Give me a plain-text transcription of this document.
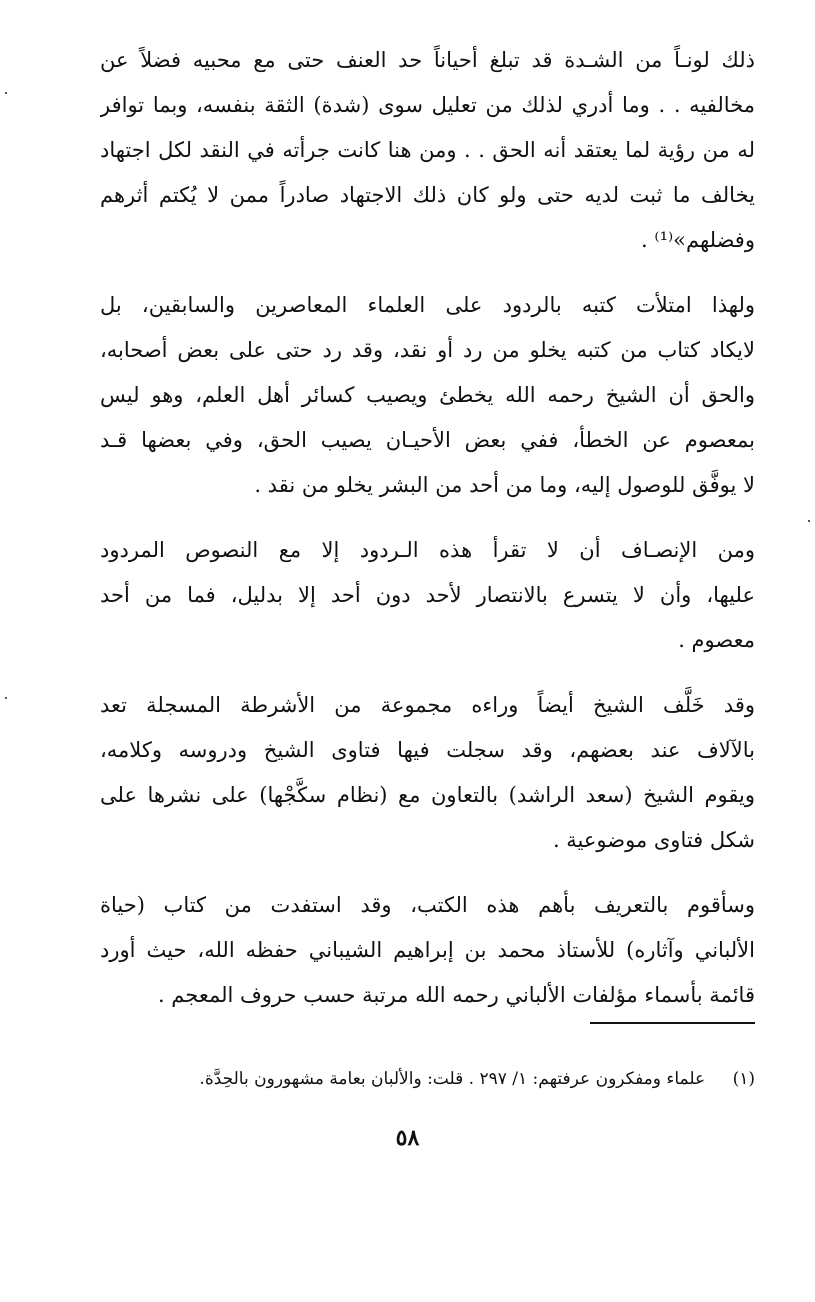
ذلك لونـاً من الشـدة قد تبلغ أحياناً حد العنف حتى مع محبيه فضلاً عن
مخالفيه . . وما أدري لذلك من تعليل سوى (شدة) الثقة بنفسه، وبما توافر
له من رؤية لما يعتقد أنه الحق . . ومن هنا كانت جرأته في النقد لكل اجتهاد
يخالف ما ثبت لديه حتى ولو كان ذلك الاجتهاد صادراً ممن لا يُكتم أثرهم
وفضلهم»⁽¹⁾ .
ولهذا امتلأت كتبه بالردود على العلماء المعاصرين والسابقين، بل
لايكاد كتاب من كتبه يخلو من رد أو نقد، وقد رد حتى على بعض أصحابه،
والحق أن الشيخ رحمه الله يخطئ ويصيب كسائر أهل العلم، وهو ليس
بمعصوم عن الخطأ، ففي بعض الأحيـان يصيب الحق، وفي بعضها قـد
لا يوفَّق للوصول إليه، وما من أحد من البشر يخلو من نقد .
ومن الإنصـاف أن لا تقرأ هذه الـردود إلا مع النصوص المردود
عليها، وأن لا يتسرع بالانتصار لأحد دون أحد إلا بدليل، فما من أحد
معصوم .
وقد خَلَّف الشيخ أيضاً وراءه مجموعة من الأشرطة المسجلة تعد
بالآلاف عند بعضهم، وقد سجلت فيها فتاوى الشيخ ودروسه وكلامه،
ويقوم الشيخ (سعد الراشد) بالتعاون مع (نظام سكَّجْها) على نشرها على
شكل فتاوى موضوعية .
وسأقوم بالتعريف بأهم هذه الكتب، وقد استفدت من كتاب (حياة
الألباني وآثاره) للأستاذ محمد بن إبراهيم الشيباني حفظه الله، حيث أورد
قائمة بأسماء مؤلفات الألباني رحمه الله مرتبة حسب حروف المعجم .
(١) علماء ومفكرون عرفتهم: ١/ ٢٩٧ . قلت: والألبان بعامة مشهورون بالحِدَّة.
٥٨
